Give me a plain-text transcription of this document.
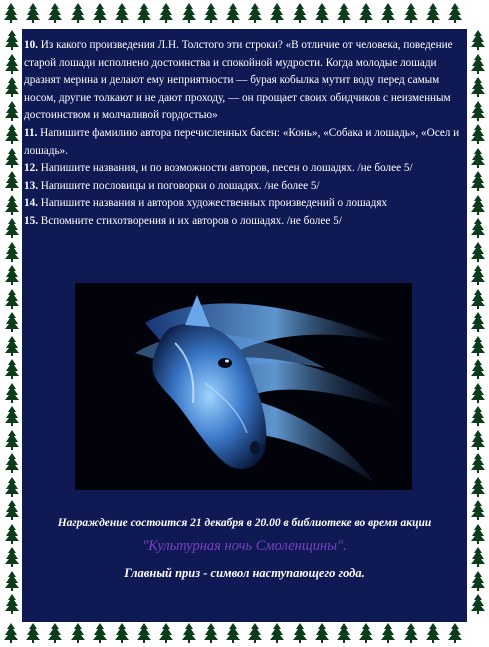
10. Из какого произведения Л.Н. Толстого эти строки? «В отличие от человека, поведение старой лошади исполнено достоинства и спокойной мудрости. Когда молодые лошади дразнят мерина и делают ему неприятности — бурая кобылка мутит воду перед самым носом, другие толкают и не дают проходу, — он прощает своих обидчиков с неизменным достоинством и молчаливой гордостью»

11. Напишите фамилию автора перечисленных басен: «Конь», «Собака и лошадь», «Осел и лошадь».

12. Напишите названия, и по возможности авторов, песен о лошадях. /не более 5/

13. Напишите пословицы и поговорки о лошадях. /не более 5/

14. Напишите названия и авторов художественных произведений о лошадях

15. Вспомните стихотворения и их авторов о лошадях. /не более 5/

Награждение состоится 21 декабря в 20.00 в библиотеке во время акции
"Культурная ночь Смоленщины".
Главный приз - символ наступающего года.
